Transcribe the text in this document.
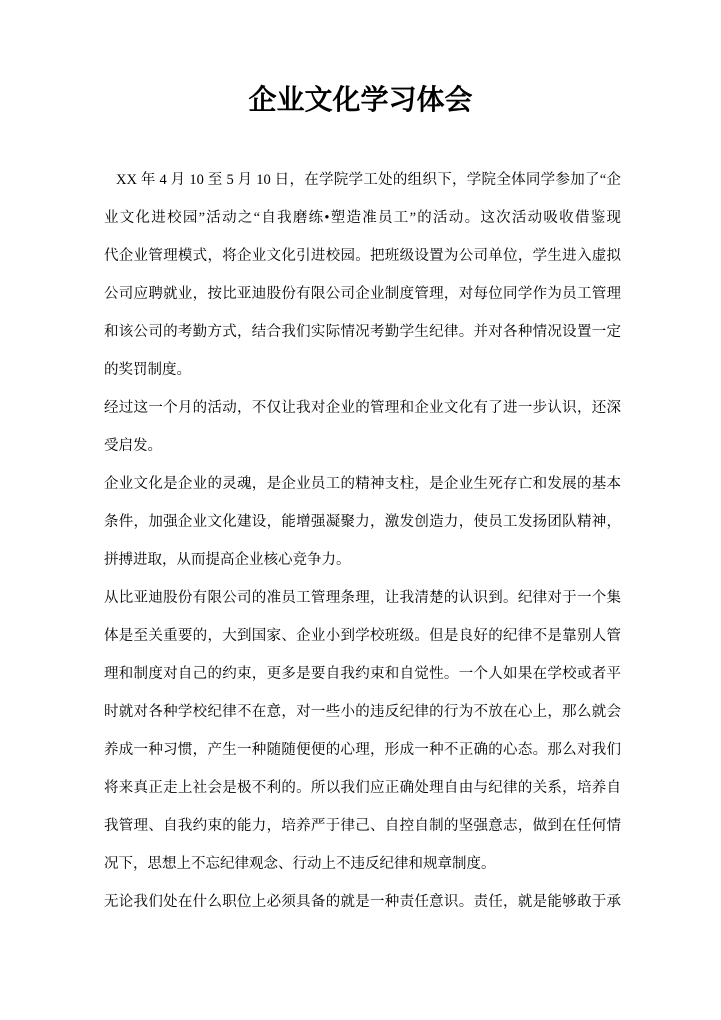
企业文化学习体会
XX 年 4 月 10 至 5 月 10 日，在学院学工处的组织下，学院全体同学参加了“企
业文化进校园”活动之“自我磨练•塑造准员工”的活动。这次活动吸收借鉴现
代企业管理模式，将企业文化引进校园。把班级设置为公司单位，学生进入虚拟
公司应聘就业，按比亚迪股份有限公司企业制度管理，对每位同学作为员工管理
和该公司的考勤方式，结合我们实际情况考勤学生纪律。并对各种情况设置一定
的奖罚制度。
经过这一个月的活动，不仅让我对企业的管理和企业文化有了进一步认识，还深
受启发。
企业文化是企业的灵魂，是企业员工的精神支柱，是企业生死存亡和发展的基本
条件，加强企业文化建设，能增强凝聚力，激发创造力，使员工发扬团队精神，
拼搏进取，从而提高企业核心竞争力。
从比亚迪股份有限公司的准员工管理条理，让我清楚的认识到。纪律对于一个集
体是至关重要的，大到国家、企业小到学校班级。但是良好的纪律不是靠别人管
理和制度对自己的约束，更多是要自我约束和自觉性。一个人如果在学校或者平
时就对各种学校纪律不在意，对一些小的违反纪律的行为不放在心上，那么就会
养成一种习惯，产生一种随随便便的心理，形成一种不正确的心态。那么对我们
将来真正走上社会是极不利的。所以我们应正确处理自由与纪律的关系，培养自
我管理、自我约束的能力，培养严于律己、自控自制的坚强意志，做到在任何情
况下，思想上不忘纪律观念、行动上不违反纪律和规章制度。
无论我们处在什么职位上必须具备的就是一种责任意识。责任，就是能够敢于承
